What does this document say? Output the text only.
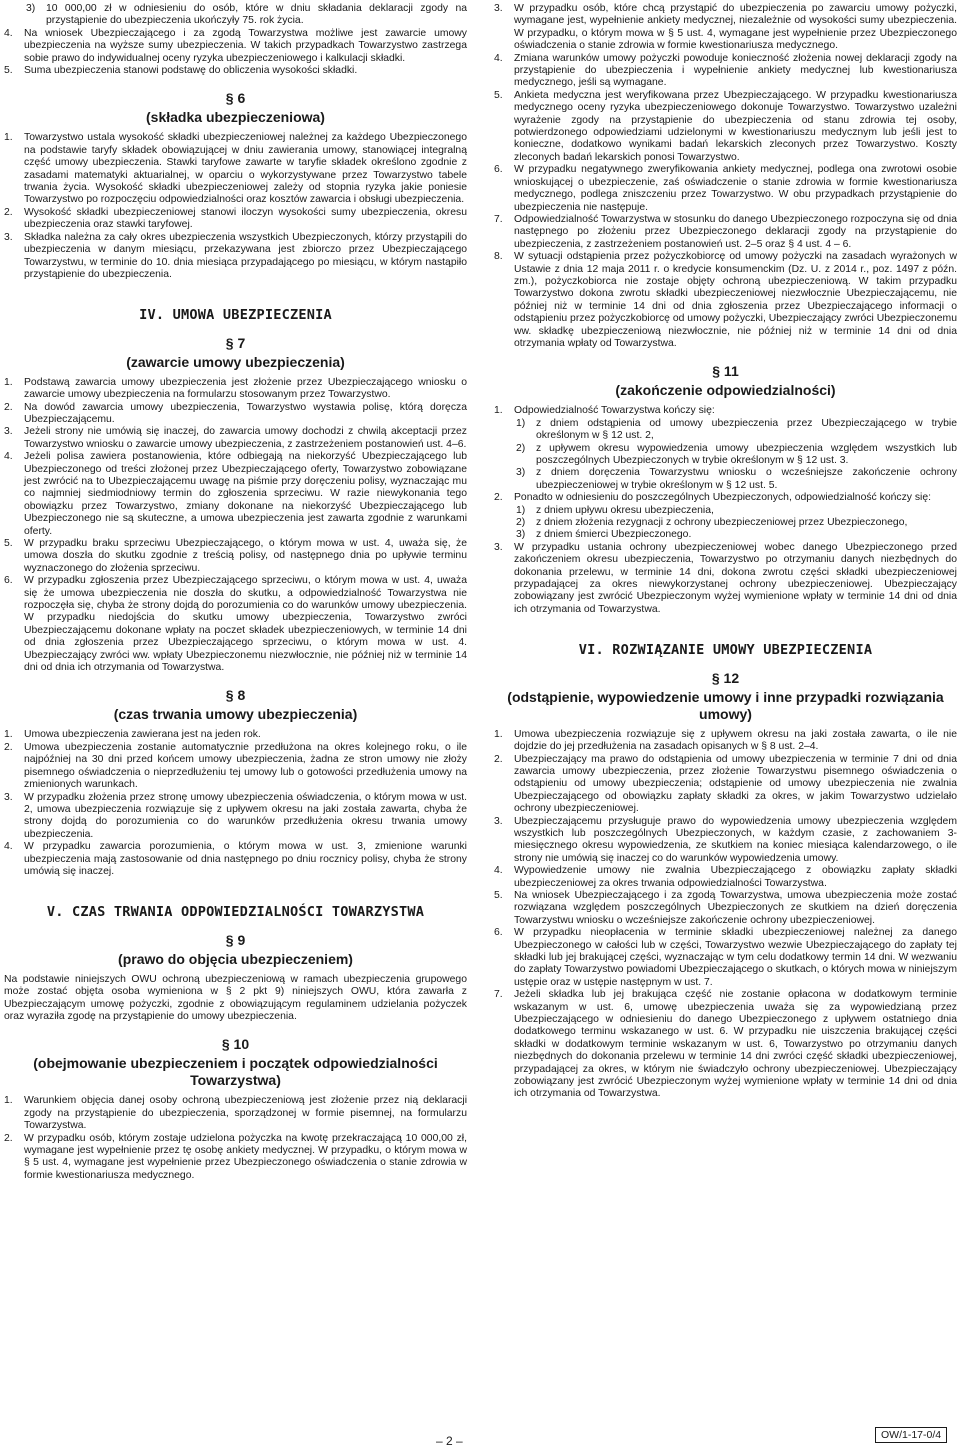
3) 10 000,00 zł w odniesieniu do osób, które w dniu składania deklaracji zgody na przystąpienie do ubezpieczenia ukończyły 75. rok życia.

4. Na wniosek Ubezpieczającego i za zgodą Towarzystwa możliwe jest zawarcie umowy ubezpieczenia na wyższe sumy ubezpieczenia. W takich przypadkach Towarzystwo zastrzega sobie prawo do indywidualnej oceny ryzyka ubezpieczeniowego i kalkulacji składki.

5. Suma ubezpieczenia stanowi podstawę do obliczenia wysokości składki.

§ 6
(składka ubezpieczeniowa)

1. Towarzystwo ustala wysokość składki ubezpieczeniowej należnej za każdego Ubezpieczonego na podstawie taryfy składek obowiązującej w dniu zawierania umowy, stanowiącej integralną część umowy ubezpieczenia. Stawki taryfowe zawarte w taryfie składek określono zgodnie z zasadami matematyki aktuarialnej, w oparciu o wykorzystywane przez Towarzystwo tabele trwania życia. Wysokość składki ubezpieczeniowej zależy od stopnia ryzyka jakie poniesie Towarzystwo po rozpoczęciu odpowiedzialności oraz kosztów zawarcia i obsługi ubezpieczenia.

2. Wysokość składki ubezpieczeniowej stanowi iloczyn wysokości sumy ubezpieczenia, okresu ubezpieczenia oraz stawki taryfowej.

3. Składka należna za cały okres ubezpieczenia wszystkich Ubezpieczonych, którzy przystąpili do ubezpieczenia w danym miesiącu, przekazywana jest zbiorczo przez Ubezpieczającego Towarzystwu, w terminie do 10. dnia miesiąca przypadającego po miesiącu, w którym nastąpiło przystąpienie do ubezpieczenia.

IV. UMOWA UBEZPIECZENIA
§ 7
(zawarcie umowy ubezpieczenia)

1. Podstawą zawarcia umowy ubezpieczenia jest złożenie przez Ubezpieczającego wniosku o zawarcie umowy ubezpieczenia na formularzu stosowanym przez Towarzystwo.

2. Na dowód zawarcia umowy ubezpieczenia, Towarzystwo wystawia polisę, którą doręcza Ubezpieczającemu.

3. Jeżeli strony nie umówią się inaczej, do zawarcia umowy dochodzi z chwilą akceptacji przez Towarzystwo wniosku o zawarcie umowy ubezpieczenia, z zastrzeżeniem postanowień ust. 4–6.

4. Jeżeli polisa zawiera postanowienia, które odbiegają na niekorzyść Ubezpieczającego lub Ubezpieczonego od treści złożonej przez Ubezpieczającego oferty, Towarzystwo zobowiązane jest zwrócić na to Ubezpieczającemu uwagę na piśmie przy doręczeniu polisy, wyznaczając mu co najmniej siedmiodniowy termin do zgłoszenia sprzeciwu. W razie niewykonania tego obowiązku przez Towarzystwo, zmiany dokonane na niekorzyść Ubezpieczającego lub Ubezpieczonego nie są skuteczne, a umowa ubezpieczenia jest zawarta zgodnie z warunkami oferty.

5. W przypadku braku sprzeciwu Ubezpieczającego, o którym mowa w ust. 4, uważa się, że umowa doszła do skutku zgodnie z treścią polisy, od następnego dnia po upływie terminu wyznaczonego do złożenia sprzeciwu.

6. W przypadku zgłoszenia przez Ubezpieczającego sprzeciwu, o którym mowa w ust. 4, uważa się że umowa ubezpieczenia nie doszła do skutku, a odpowiedzialność Towarzystwa nie rozpoczęła się, chyba że strony dojdą do porozumienia co do warunków umowy ubezpieczenia. W przypadku niedojścia do skutku umowy ubezpieczenia, Towarzystwo zwróci Ubezpieczającemu dokonane wpłaty na poczet składek ubezpieczeniowych, w terminie 14 dni od dnia zgłoszenia przez Ubezpieczającego sprzeciwu, o którym mowa w ust. 4. Ubezpieczający zwróci ww. wpłaty Ubezpieczonemu niezwłocznie, nie później niż w terminie 14 dni od dnia ich otrzymania od Towarzystwa.

§ 8
(czas trwania umowy ubezpieczenia)

1. Umowa ubezpieczenia zawierana jest na jeden rok.

2. Umowa ubezpieczenia zostanie automatycznie przedłużona na okres kolejnego roku, o ile najpóźniej na 30 dni przed końcem umowy ubezpieczenia, żadna ze stron umowy nie złoży pisemnego oświadczenia o nieprzedłużeniu tej umowy lub o gotowości przedłużenia umowy na zmienionych warunkach.

3. W przypadku złożenia przez stronę umowy ubezpieczenia oświadczenia, o którym mowa w ust. 2, umowa ubezpieczenia rozwiązuje się z upływem okresu na jaki została zawarta, chyba że strony dojdą do porozumienia co do warunków przedłużenia okresu trwania umowy ubezpieczenia.

4. W przypadku zawarcia porozumienia, o którym mowa w ust. 3, zmienione warunki ubezpieczenia mają zastosowanie od dnia następnego po dniu rocznicy polisy, chyba że strony umówią się inaczej.

V. CZAS TRWANIA ODPOWIEDZIALNOŚCI TOWARZYSTWA
§ 9
(prawo do objęcia ubezpieczeniem)

Na podstawie niniejszych OWU ochroną ubezpieczeniową w ramach ubezpieczenia grupowego może zostać objęta osoba wymieniona w § 2 pkt 9) niniejszych OWU, która zawarła z Ubezpieczającym umowę pożyczki, zgodnie z obowiązującym regulaminem udzielania pożyczek oraz wyraziła zgodę na przystąpienie do umowy ubezpieczenia.

§ 10
(obejmowanie ubezpieczeniem i początek odpowiedzialności Towarzystwa)

1. Warunkiem objęcia danej osoby ochroną ubezpieczeniową jest złożenie przez nią deklaracji zgody na przystąpienie do ubezpieczenia, sporządzonej w formie pisemnej, na formularzu Towarzystwa.

2. W przypadku osób, którym zostaje udzielona pożyczka na kwotę przekraczającą 10 000,00 zł, wymagane jest wypełnienie przez tę osobę ankiety medycznej. W przypadku, o którym mowa w § 5 ust. 4, wymagane jest wypełnienie przez Ubezpieczonego oświadczenia o stanie zdrowia w formie kwestionariusza medycznego.

3. W przypadku osób, które chcą przystąpić do ubezpieczenia po zawarciu umowy pożyczki, wymagane jest, wypełnienie ankiety medycznej, niezależnie od wysokości sumy ubezpieczenia. W przypadku, o którym mowa w § 5 ust. 4, wymagane jest wypełnienie przez Ubezpieczonego oświadczenia o stanie zdrowia w formie kwestionariusza medycznego.

4. Zmiana warunków umowy pożyczki powoduje konieczność złożenia nowej deklaracji zgody na przystąpienie do ubezpieczenia i wypełnienie ankiety medycznej lub kwestionariusza medycznego, jeśli są wymagane.

5. Ankieta medyczna jest weryfikowana przez Ubezpieczającego. W przypadku kwestionariusza medycznego oceny ryzyka ubezpieczeniowego dokonuje Towarzystwo. Towarzystwo uzależni wyrażenie zgody na przystąpienie do ubezpieczenia od stanu zdrowia tej osoby, potwierdzonego odpowiedziami udzielonymi w kwestionariuszu medycznym lub jeśli jest to konieczne, dodatkowo wynikami badań lekarskich zleconych przez Towarzystwo. Koszty zleconych badań lekarskich ponosi Towarzystwo.

6. W przypadku negatywnego zweryfikowania ankiety medycznej, podlega ona zwrotowi osobie wnioskującej o ubezpieczenie, zaś oświadczenie o stanie zdrowia w formie kwestionariusza medycznego, podlega zniszczeniu przez Towarzystwo. W obu przypadkach przystąpienie do ubezpieczenia nie następuje.

7. Odpowiedzialność Towarzystwa w stosunku do danego Ubezpieczonego rozpoczyna się od dnia następnego po złożeniu przez Ubezpieczonego deklaracji zgody na przystąpienie do ubezpieczenia, z zastrzeżeniem postanowień ust. 2–5 oraz § 4 ust. 4 – 6.

8. W sytuacji odstąpienia przez pożyczkobiorcę od umowy pożyczki na zasadach wyrażonych w Ustawie z dnia 12 maja 2011 r. o kredycie konsumenckim (Dz. U. z 2014 r., poz. 1497 z późn. zm.), pożyczkobiorca nie zostaje objęty ochroną ubezpieczeniową. W takim przypadku Towarzystwo dokona zwrotu składki ubezpieczeniowej niezwłocznie Ubezpieczającemu, nie później niż w terminie 14 dni od dnia zgłoszenia przez Ubezpieczającego informacji o odstąpieniu przez pożyczkobiorcę od umowy pożyczki, Ubezpieczający zwróci Ubezpieczonemu ww. składkę ubezpieczeniową niezwłocznie, nie później niż w terminie 14 dni od dnia otrzymania wpłaty od Towarzystwa.

§ 11
(zakończenie odpowiedzialności)

1. Odpowiedzialność Towarzystwa kończy się:

1) z dniem odstąpienia od umowy ubezpieczenia przez Ubezpieczającego w trybie określonym w § 12 ust. 2,

2) z upływem okresu wypowiedzenia umowy ubezpieczenia względem wszystkich lub poszczególnych Ubezpieczonych w trybie określonym w § 12 ust. 3.

3) z dniem doręczenia Towarzystwu wniosku o wcześniejsze zakończenie ochrony ubezpieczeniowej w trybie określonym w § 12 ust. 5.

2. Ponadto w odniesieniu do poszczególnych Ubezpieczonych, odpowiedzialność kończy się:

1) z dniem upływu okresu ubezpieczenia,

2) z dniem złożenia rezygnacji z ochrony ubezpieczeniowej przez Ubezpieczonego,

3) z dniem śmierci Ubezpieczonego.

3. W przypadku ustania ochrony ubezpieczeniowej wobec danego Ubezpieczonego przed zakończeniem okresu ubezpieczenia, Towarzystwo po otrzymaniu danych niezbędnych do dokonania przelewu, w terminie 14 dni, dokona zwrotu części składki ubezpieczeniowej przypadającej za okres niewykorzystanej ochrony ubezpieczeniowej. Ubezpieczający zobowiązany jest zwrócić Ubezpieczonym wyżej wymienione wpłaty w terminie 14 dni od dnia ich otrzymania od Towarzystwa.

VI. ROZWIĄZANIE UMOWY UBEZPIECZENIA
§ 12
(odstąpienie, wypowiedzenie umowy i inne przypadki rozwiązania umowy)

1. Umowa ubezpieczenia rozwiązuje się z upływem okresu na jaki została zawarta, o ile nie dojdzie do jej przedłużenia na zasadach opisanych w § 8 ust. 2–4.

2. Ubezpieczający ma prawo do odstąpienia od umowy ubezpieczenia w terminie 7 dni od dnia zawarcia umowy ubezpieczenia, przez złożenie Towarzystwu pisemnego oświadczenia o odstąpieniu od umowy ubezpieczenia; odstąpienie od umowy ubezpieczenia nie zwalnia Ubezpieczającego od obowiązku zapłaty składki za okres, w jakim Towarzystwo udzielało ochrony ubezpieczeniowej.

3. Ubezpieczającemu przysługuje prawo do wypowiedzenia umowy ubezpieczenia względem wszystkich lub poszczególnych Ubezpieczonych, w każdym czasie, z zachowaniem 3-miesięcznego okresu wypowiedzenia, ze skutkiem na koniec miesiąca kalendarzowego, o ile strony nie umówią się inaczej co do warunków wypowiedzenia umowy.

4. Wypowiedzenie umowy nie zwalnia Ubezpieczającego z obowiązku zapłaty składki ubezpieczeniowej za okres trwania odpowiedzialności Towarzystwa.

5. Na wniosek Ubezpieczającego i za zgodą Towarzystwa, umowa ubezpieczenia może zostać rozwiązana względem poszczególnych Ubezpieczonych ze skutkiem na dzień doręczenia Towarzystwu wniosku o wcześniejsze zakończenie ochrony ubezpieczeniowej.

6. W przypadku nieopłacenia w terminie składki ubezpieczeniowej należnej za danego Ubezpieczonego w całości lub w części, Towarzystwo wezwie Ubezpieczającego do zapłaty tej składki lub jej brakującej części, wyznaczając w tym celu dodatkowy termin 14 dni. W wezwaniu do zapłaty Towarzystwo powiadomi Ubezpieczającego o skutkach, o których mowa w niniejszym ustępie oraz w ustępie następnym w ust. 7.

7. Jeżeli składka lub jej brakująca część nie zostanie opłacona w dodatkowym terminie wskazanym w ust. 6, umowę ubezpieczenia uważa się za wypowiedzianą przez Ubezpieczającego w odniesieniu do danego Ubezpieczonego z upływem ostatniego dnia dodatkowego terminu wskazanego w ust. 6. W przypadku nie uiszczenia brakującej części składki w dodatkowym terminie wskazanym w ust. 6, Towarzystwo po otrzymaniu danych niezbędnych do dokonania przelewu w terminie 14 dni zwróci część składki ubezpieczeniowej, przypadającej za okres, w którym nie świadczyło ochrony ubezpieczeniowej. Ubezpieczający zobowiązany jest zwrócić Ubezpieczonym wyżej wymienione wpłaty w terminie 14 dni od dnia ich otrzymania od Towarzystwa.

– 2 –	OW/1-17-0/4
